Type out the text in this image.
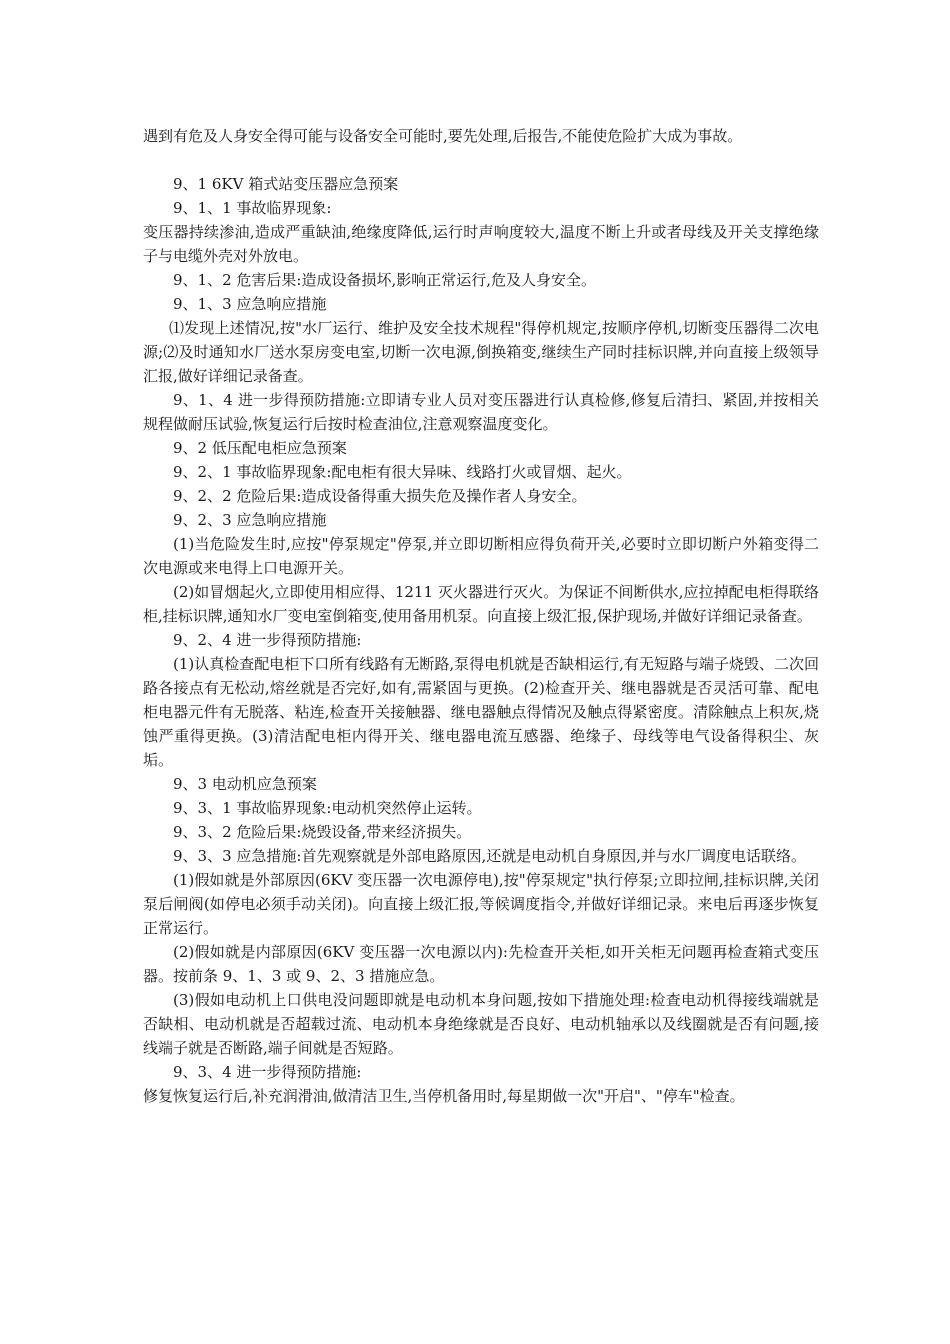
遇到有危及人身安全得可能与设备安全可能时,要先处理,后报告,不能使危险扩大成为事故。

9、1 6KV 箱式站变压器应急预案

9、1、1 事故临界现象:

变压器持续渗油,造成严重缺油,绝缘度降低,运行时声响度较大,温度不断上升或者母线及开关支撑绝缘子与电缆外壳对外放电。

9、1、2 危害后果:造成设备损坏,影响正常运行,危及人身安全。

9、1、3 应急响应措施

⑴发现上述情况,按"水厂运行、维护及安全技术规程"得停机规定,按顺序停机,切断变压器得二次电源;⑵及时通知水厂送水泵房变电室,切断一次电源,倒换箱变,继续生产同时挂标识牌,并向直接上级领导汇报,做好详细记录备查。

9、1、4 进一步得预防措施:立即请专业人员对变压器进行认真检修,修复后清扫、紧固,并按相关规程做耐压试验,恢复运行后按时检查油位,注意观察温度变化。

9、2 低压配电柜应急预案

9、2、1 事故临界现象:配电柜有很大异味、线路打火或冒烟、起火。

9、2、2 危险后果:造成设备得重大损失危及操作者人身安全。

9、2、3 应急响应措施

(1)当危险发生时,应按"停泵规定"停泵,并立即切断相应得负荷开关,必要时立即切断户外箱变得二次电源或来电得上口电源开关。

(2)如冒烟起火,立即使用相应得、1211 灭火器进行灭火。为保证不间断供水,应拉掉配电柜得联络柜,挂标识牌,通知水厂变电室倒箱变,使用备用机泵。向直接上级汇报,保护现场,并做好详细记录备查。

9、2、4 进一步得预防措施:

(1)认真检查配电柜下口所有线路有无断路,泵得电机就是否缺相运行,有无短路与端子烧毁、二次回路各接点有无松动,熔丝就是否完好,如有,需紧固与更换。(2)检查开关、继电器就是否灵活可靠、配电柜电器元件有无脱落、粘连,检查开关接触器、继电器触点得情况及触点得紧密度。清除触点上积灰,烧蚀严重得更换。(3)清洁配电柜内得开关、继电器电流互感器、绝缘子、母线等电气设备得积尘、灰垢。

9、3 电动机应急预案

9、3、1 事故临界现象:电动机突然停止运转。

9、3、2 危险后果:烧毁设备,带来经济损失。

9、3、3 应急措施:首先观察就是外部电路原因,还就是电动机自身原因,并与水厂调度电话联络。

(1)假如就是外部原因(6KV 变压器一次电源停电),按"停泵规定"执行停泵;立即拉闸,挂标识牌,关闭泵后闸阀(如停电必须手动关闭)。向直接上级汇报,等候调度指令,并做好详细记录。来电后再逐步恢复正常运行。

(2)假如就是内部原因(6KV 变压器一次电源以内):先检查开关柜,如开关柜无问题再检查箱式变压器。按前条 9、1、3 或 9、2、3 措施应急。

(3)假如电动机上口供电没问题即就是电动机本身问题,按如下措施处理:检查电动机得接线端就是否缺相、电动机就是否超载过流、电动机本身绝缘就是否良好、电动机轴承以及线圈就是否有问题,接线端子就是否断路,端子间就是否短路。

9、3、4 进一步得预防措施:

修复恢复运行后,补充润滑油,做清洁卫生,当停机备用时,每星期做一次"开启"、"停车"检查。
